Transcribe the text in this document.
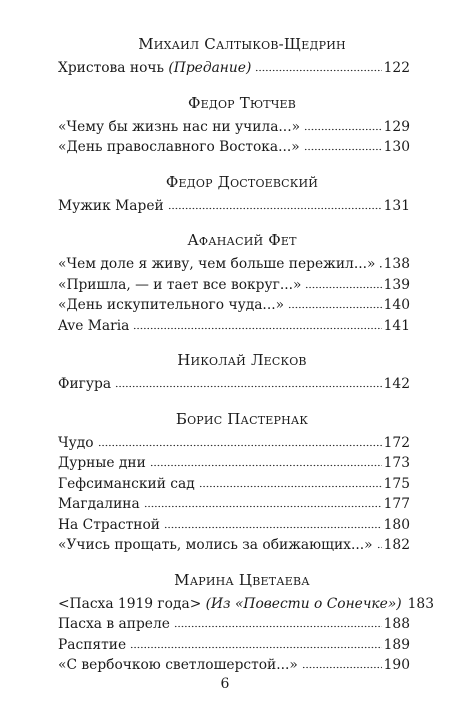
Михаил Салтыков-Щедрин
Христова ночь (Предание)	122
Федор Тютчев
«Чему бы жизнь нас ни учила...»	129
«День православного Востока...»	130
Федор Достоевский
Мужик Марей	131
Афанасий Фет
«Чем доле я живу, чем больше пережил...» 138
«Пришла, — и тает все вокруг...»	139
«День искупительного чуда...»	140
Ave Maria	141
Николай Лесков
Фигура	142
Борис Пастернак
Чудо	172
Дурные дни	173
Гефсиманский сад	175
Магдалина	177
На Страстной	180
«Учись прощать, молись за обижающих...» 182
Марина Цветаева
<Пасха 1919 года> (Из «Повести о Сонечке») 183
Пасха в апреле	188
Распятие	189
«С вербочкою светлошерстой...»	190
6
